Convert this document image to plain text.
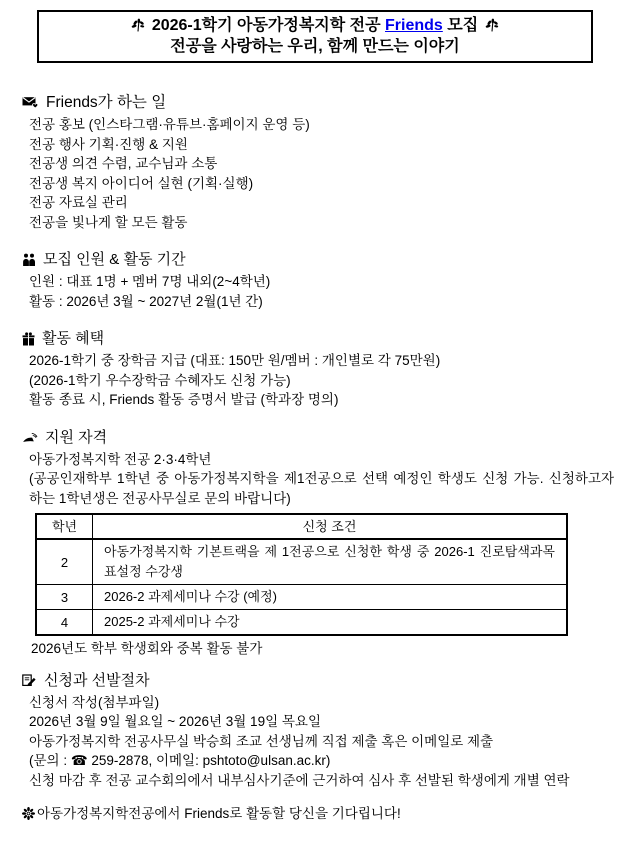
2026-1학기 아동가정복지학 전공 Friends 모집
전공을 사랑하는 우리, 함께 만드는 이야기
Friends가 하는 일
전공 홍보 (인스타그램·유튜브·홈페이지 운영 등)
전공 행사 기획·진행 & 지원
전공생 의견 수렴, 교수님과 소통
전공생 복지 아이디어 실현 (기획·실행)
전공 자료실 관리
전공을 빛나게 할 모든 활동
모집 인원 & 활동 기간
인원 : 대표 1명 + 멤버 7명 내외(2~4학년)
활동 : 2026년 3월 ~ 2027년 2월(1년 간)
활동 혜택
2026-1학기 중 장학금 지급 (대표: 150만 원/멤버 : 개인별로 각 75만원)
(2026-1학기 우수장학금 수혜자도 신청 가능)
활동 종료 시, Friends 활동 증명서 발급 (학과장 명의)
지원 자격
아동가정복지학 전공 2·3·4학년
(공공인재학부 1학년 중 아동가정복지학을 제1전공으로 선택 예정인 학생도 신청 가능. 신청하고자 하는 1학년생은 전공사무실로 문의 바랍니다)
학년	신청 조건
2	아동가정복지학 기본트랙을 제 1전공으로 신청한 학생 중 2026-1 진로탐색과목표설정 수강생
3	2026-2 과제세미나 수강 (예정)
4	2025-2 과제세미나 수강
2026년도 학부 학생회와 중복 활동 불가
신청과 선발절차
신청서 작성(첨부파일)
2026년 3월 9일 월요일 ~ 2026년 3월 19일 목요일
아동가정복지학 전공사무실 박승희 조교 선생님께 직접 제출 혹은 이메일로 제출
(문의 : ☎ 259-2878, 이메일: pshtoto@ulsan.ac.kr)
신청 마감 후 전공 교수회의에서 내부심사기준에 근거하여 심사 후 선발된 학생에게 개별 연락
아동가정복지학전공에서 Friends로 활동할 당신을 기다립니다!
